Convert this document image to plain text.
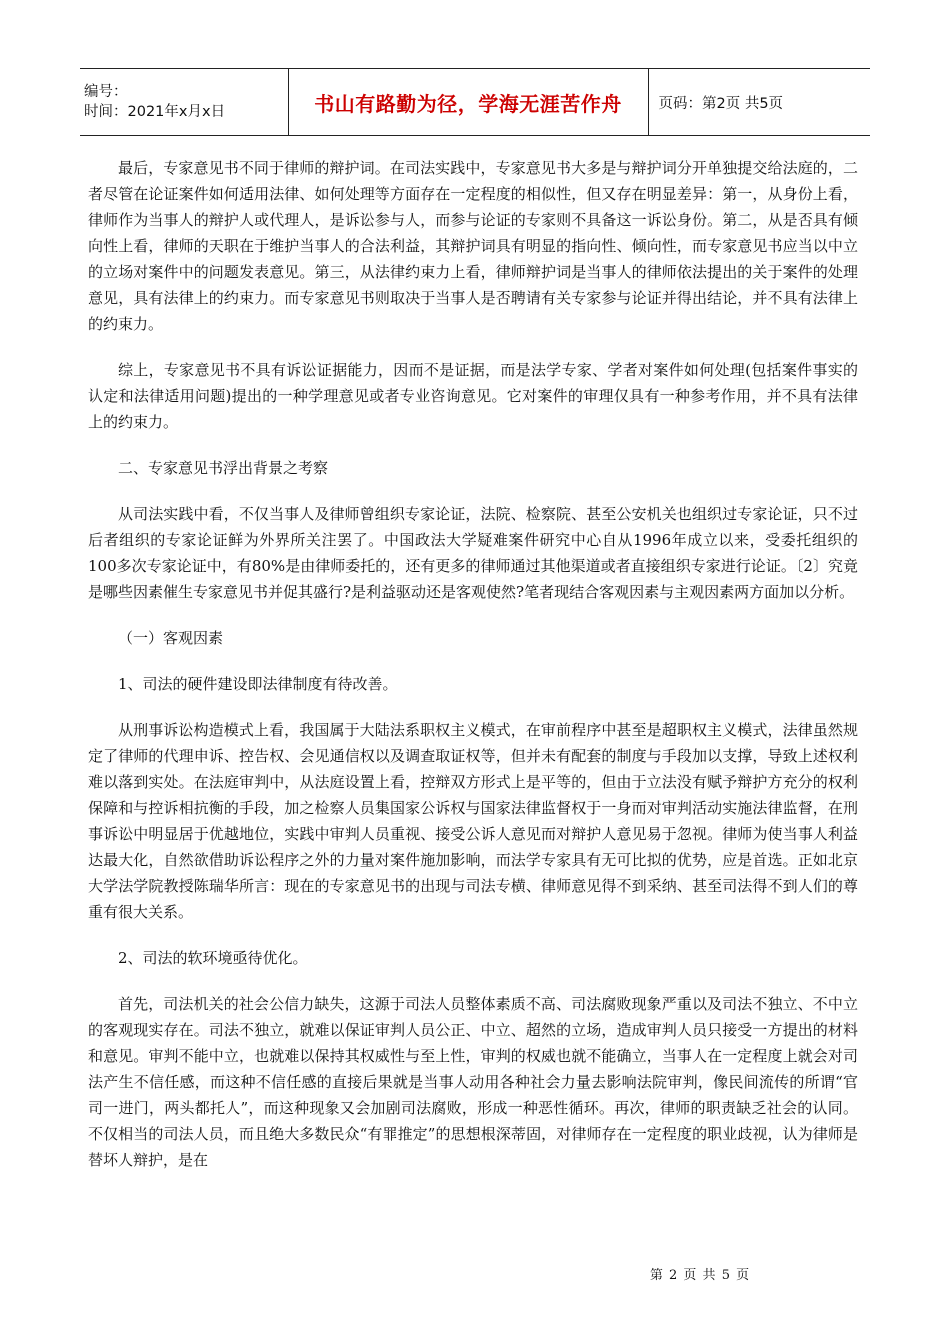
编号：
时间：2021年x月x日	书山有路勤为径，学海无涯苦作舟	页码：第2页 共5页

最后，专家意见书不同于律师的辩护词。在司法实践中，专家意见书大多是与辩护词分开单独提交给法庭的，二者尽管在论证案件如何适用法律、如何处理等方面存在一定程度的相似性，但又存在明显差异：第一，从身份上看，律师作为当事人的辩护人或代理人，是诉讼参与人，而参与论证的专家则不具备这一诉讼身份。第二，从是否具有倾向性上看，律师的天职在于维护当事人的合法利益，其辩护词具有明显的指向性、倾向性，而专家意见书应当以中立的立场对案件中的问题发表意见。第三，从法律约束力上看，律师辩护词是当事人的律师依法提出的关于案件的处理意见，具有法律上的约束力。而专家意见书则取决于当事人是否聘请有关专家参与论证并得出结论，并不具有法律上的约束力。

综上，专家意见书不具有诉讼证据能力，因而不是证据，而是法学专家、学者对案件如何处理(包括案件事实的认定和法律适用问题)提出的一种学理意见或者专业咨询意见。它对案件的审理仅具有一种参考作用，并不具有法律上的约束力。

二、专家意见书浮出背景之考察

从司法实践中看，不仅当事人及律师曾组织专家论证，法院、检察院、甚至公安机关也组织过专家论证，只不过后者组织的专家论证鲜为外界所关注罢了。中国政法大学疑难案件研究中心自从1996年成立以来，受委托组织的100多次专家论证中，有80%是由律师委托的，还有更多的律师通过其他渠道或者直接组织专家进行论证。〔2〕究竟是哪些因素催生专家意见书并促其盛行?是利益驱动还是客观使然?笔者现结合客观因素与主观因素两方面加以分析。

（一）客观因素

1、司法的硬件建设即法律制度有待改善。

从刑事诉讼构造模式上看，我国属于大陆法系职权主义模式，在审前程序中甚至是超职权主义模式，法律虽然规定了律师的代理申诉、控告权、会见通信权以及调查取证权等，但并未有配套的制度与手段加以支撑，导致上述权利难以落到实处。在法庭审判中，从法庭设置上看，控辩双方形式上是平等的，但由于立法没有赋予辩护方充分的权利保障和与控诉相抗衡的手段，加之检察人员集国家公诉权与国家法律监督权于一身而对审判活动实施法律监督，在刑事诉讼中明显居于优越地位，实践中审判人员重视、接受公诉人意见而对辩护人意见易于忽视。律师为使当事人利益达最大化，自然欲借助诉讼程序之外的力量对案件施加影响，而法学专家具有无可比拟的优势，应是首选。正如北京大学法学院教授陈瑞华所言：现在的专家意见书的出现与司法专横、律师意见得不到采纳、甚至司法得不到人们的尊重有很大关系。

2、司法的软环境亟待优化。

首先，司法机关的社会公信力缺失，这源于司法人员整体素质不高、司法腐败现象严重以及司法不独立、不中立的客观现实存在。司法不独立，就难以保证审判人员公正、中立、超然的立场，造成审判人员只接受一方提出的材料和意见。审判不能中立，也就难以保持其权威性与至上性，审判的权威也就不能确立，当事人在一定程度上就会对司法产生不信任感，而这种不信任感的直接后果就是当事人动用各种社会力量去影响法院审判，像民间流传的所谓“官司一进门，两头都托人”，而这种现象又会加剧司法腐败，形成一种恶性循环。再次，律师的职责缺乏社会的认同。不仅相当的司法人员，而且绝大多数民众“有罪推定”的思想根深蒂固，对律师存在一定程度的职业歧视，认为律师是替坏人辩护，是在

第 2 页 共 5 页
